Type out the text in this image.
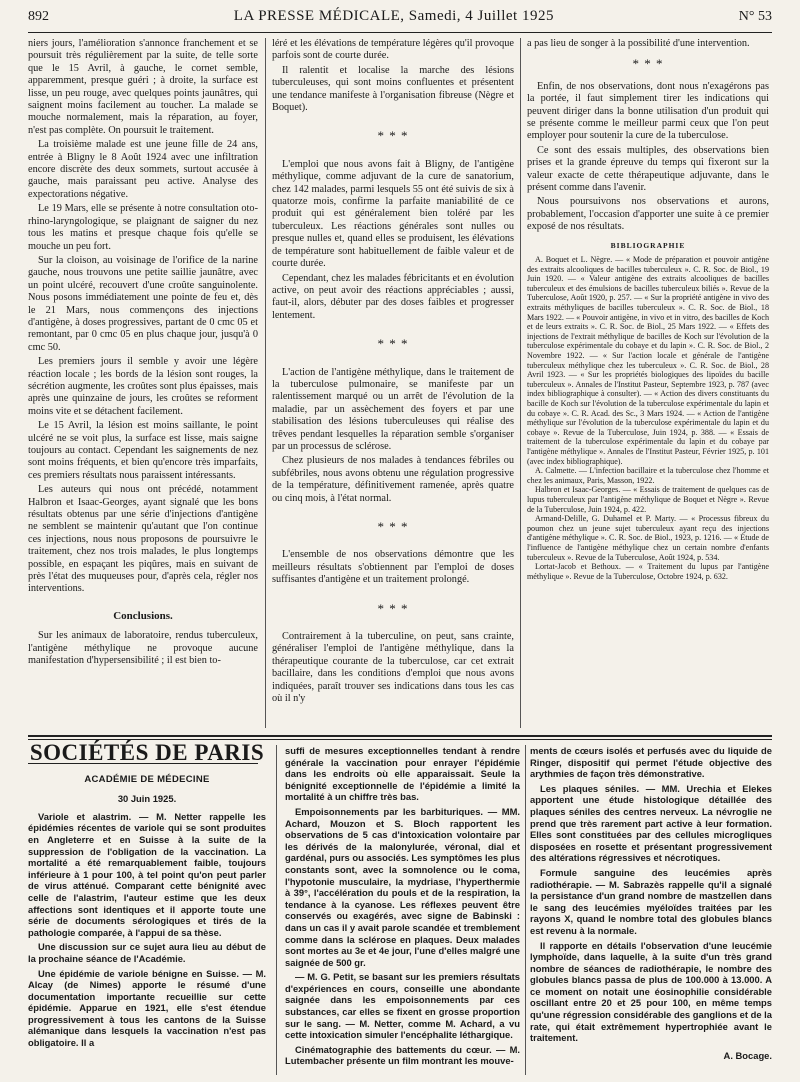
892	LA PRESSE MÉDICALE, Samedi, 4 Juillet 1925	N° 53

niers jours, l'amélioration s'annonce franchement et se poursuit très régulièrement par la suite, de telle sorte que le 15 Avril, à gauche, le cornet semble, apparemment, presque guéri ; à droite, la surface est lisse, un peu rouge, avec quelques points jaunâtres, qui saignent moins facilement au toucher. La malade se mouche normalement, mais la réparation, au foyer, n'est pas complète. On poursuit le traitement.

La troisième malade est une jeune fille de 24 ans, entrée à Bligny le 8 Août 1924 avec une infiltration encore discrète des deux sommets, surtout accusée à gauche, mais paraissant peu active. Analyse des expectorations négative.

Le 19 Mars, elle se présente à notre consultation oto-rhino-laryngologique, se plaignant de saigner du nez tous les matins et presque chaque fois qu'elle se mouche un peu fort.

Sur la cloison, au voisinage de l'orifice de la narine gauche, nous trouvons une petite saillie jaunâtre, avec un point ulcéré, recouvert d'une croûte sanguinolente. Nous posons immédiatement une pointe de feu et, dès le 21 Mars, nous commençons des injections d'antigène, à doses progressives, partant de 0 cmc 05 et remontant, par 0 cmc 05 en plus chaque jour, jusqu'à 0 cmc 50.

Les premiers jours il semble y avoir une légère réaction locale ; les bords de la lésion sont rouges, la sécrétion augmente, les croûtes sont plus épaisses, mais après une quinzaine de jours, les croûtes se reforment moins vite et se détachent facilement.

Le 15 Avril, la lésion est moins saillante, le point ulcéré ne se voit plus, la surface est lisse, mais saigne toujours au contact. Cependant les saignements de nez sont moins fréquents, et bien qu'encore très imparfaits, ces premiers résultats nous paraissent intéressants.

Les auteurs qui nous ont précédé, notamment Halbron et Isaac-Georges, ayant signalé que les bons résultats obtenus par une série d'injections d'antigène ne semblent se maintenir qu'autant que l'on continue ces injections, nous nous proposons de poursuivre le traitement, chez nos trois malades, le plus longtemps possible, en espaçant les piqûres, mais en suivant de près l'état des muqueuses pour, d'après cela, régler nos interventions.

Conclusions.

Sur les animaux de laboratoire, rendus tuberculeux, l'antigène méthylique ne provoque aucune manifestation d'hypersensibilité ; il est bien to-

léré et les élévations de température légères qu'il provoque parfois sont de courte durée.

Il ralentit et localise la marche des lésions tuberculeuses, qui sont moins confluentes et présentent une tendance manifeste à l'organisation fibreuse (Nègre et Boquet).

* * *

L'emploi que nous avons fait à Bligny, de l'antigène méthylique, comme adjuvant de la cure de sanatorium, chez 142 malades, parmi lesquels 55 ont été suivis de six à quatorze mois, confirme la parfaite maniabilité de ce produit qui est généralement bien toléré par les tuberculeux. Les réactions générales sont nulles ou presque nulles et, quand elles se produisent, les élévations de température sont habituellement de faible valeur et de courte durée.

Cependant, chez les malades fébricitants et en évolution active, on peut avoir des réactions appréciables ; aussi, faut-il, alors, débuter par des doses faibles et progresser lentement.

* * *

L'action de l'antigène méthylique, dans le traitement de la tuberculose pulmonaire, se manifeste par un ralentissement marqué ou un arrêt de l'évolution de la maladie, par un assèchement des foyers et par une stabilisation des lésions tuberculeuses qui réalise des trêves pendant lesquelles la réparation semble s'organiser par un processus de sclérose.

Chez plusieurs de nos malades à tendances fébriles ou subfébriles, nous avons obtenu une régulation progressive de la température, définitivement ramenée, après quatre ou cinq mois, à l'état normal.

* * *

L'ensemble de nos observations démontre que les meilleurs résultats s'obtiennent par l'emploi de doses suffisantes d'antigène et un traitement prolongé.

* * *

Contrairement à la tuberculine, on peut, sans crainte, généraliser l'emploi de l'antigène méthylique, dans la thérapeutique courante de la tuberculose, car cet extrait bacillaire, dans les conditions d'emploi que nous avons indiquées, paraît trouver ses indications dans tous les cas où il n'y

a pas lieu de songer à la possibilité d'une intervention.

* * *

Enfin, de nos observations, dont nous n'exagérons pas la portée, il faut simplement tirer les indications qui peuvent diriger dans la bonne utilisation d'un produit qui se présente comme le meilleur parmi ceux que l'on peut employer pour soutenir la cure de la tuberculose.

Ce sont des essais multiples, des observations bien prises et la grande épreuve du temps qui fixeront sur la valeur exacte de cette thérapeutique adjuvante, dans le présent comme dans l'avenir.

Nous poursuivons nos observations et aurons, probablement, l'occasion d'apporter une suite à ce premier exposé de nos résultats.

BIBLIOGRAPHIE

A. Boquet et L. Nègre. — « Mode de préparation et pouvoir antigène des extraits alcooliques de bacilles tuberculeux ». C. R. Soc. de Biol., 19 Juin 1920. — « Valeur antigène des extraits alcooliques de bacilles tuberculeux et des émulsions de bacilles tuberculeux biliés ». Revue de la Tuberculose, Août 1920, p. 257. — « Sur la propriété antigène in vivo des extraits méthyliques de bacilles tuberculeux ». C. R. Soc. de Biol., 18 Mars 1922. — « Pouvoir antigène, in vivo et in vitro, des bacilles de Koch et de leurs extraits ». C. R. Soc. de Biol., 25 Mars 1922. — « Effets des injections de l'extrait méthylique de bacilles de Koch sur l'évolution de la tuberculose expérimentale du cobaye et du lapin ». C. R. Soc. de Biol., 2 Novembre 1922. — « Sur l'action locale et générale de l'antigène tuberculeux méthylique chez les tuberculeux ». C. R. Soc. de Biol., 28 Avril 1923. — « Sur les propriétés biologiques des lipoïdes du bacille tuberculeux ». Annales de l'Institut Pasteur, Septembre 1923, p. 787 (avec index bibliographique à consulter). — « Action des divers constituants du bacille de Koch sur l'évolution de la tuberculose expérimentale du lapin et du cobaye ». C. R. Acad. des Sc., 3 Mars 1924. — « Action de l'antigène méthylique sur l'évolution de la tuberculose expérimentale du lapin et du cobaye ». Revue de la Tuberculose, Juin 1924, p. 388. — « Essais de traitement de la tuberculose expérimentale du lapin et du cobaye par l'antigène méthylique ». Annales de l'Institut Pasteur, Février 1925, p. 101 (avec index bibliographique).

A. Calmette. — L'infection bacillaire et la tuberculose chez l'homme et chez les animaux, Paris, Masson, 1922.

Halbron et Isaac-Georges. — « Essais de traitement de quelques cas de lupus tuberculeux par l'antigène méthylique de Boquet et Nègre ». Revue de la Tuberculose, Juin 1924, p. 422.

Armand-Delille, G. Duhamel et P. Marty. — « Processus fibreux du poumon chez un jeune sujet tuberculeux ayant reçu des injections d'antigène méthylique ». C. R. Soc. de Biol., 1923, p. 1216. — « Étude de l'influence de l'antigène méthylique chez un certain nombre d'enfants tuberculeux ». Revue de la Tuberculose, Août 1924, p. 534.

Lortat-Jacob et Bethoux. — « Traitement du lupus par l'antigène méthylique ». Revue de la Tuberculose, Octobre 1924, p. 632.

SOCIÉTÉS DE PARIS
ACADÉMIE DE MÉDECINE
30 Juin 1925.

Variole et alastrim. — M. Netter rappelle les épidémies récentes de variole qui se sont produites en Angleterre et en Suisse à la suite de la suppression de l'obligation de la vaccination. La mortalité a été remarquablement faible, toujours inférieure à 1 pour 100, à tel point qu'on peut parler de virus atténué. Comparant cette bénignité avec celle de l'alastrim, l'auteur estime que les deux affections sont identiques et il apporte toute une série de documents sérologiques et tirés de la pathologie comparée, à l'appui de sa thèse.

Une discussion sur ce sujet aura lieu au début de la prochaine séance de l'Académie.

Une épidémie de variole bénigne en Suisse. — M. Alcay (de Nimes) apporte le résumé d'une documentation importante recueillie sur cette épidémie. Apparue en 1921, elle s'est étendue progressivement à tous les cantons de la Suisse alémanique dans lesquels la vaccination n'est pas obligatoire. Il a

suffi de mesures exceptionnelles tendant à rendre générale la vaccination pour enrayer l'épidémie dans les endroits où elle apparaissait. Seule la bénignité exceptionnelle de l'épidémie a limité la mortalité à un chiffre très bas.

Empoisonnements par les barbituriques. — MM. Achard, Mouzon et S. Bloch rapportent les observations de 5 cas d'intoxication volontaire par les dérivés de la malonylurée, véronal, dial et gardénal, purs ou associés. Les symptômes les plus constants sont, avec la somnolence ou le coma, l'hypotonie musculaire, la mydriase, l'hyperthermie à 39°, l'accélération du pouls et de la respiration, la tendance à la cyanose. Les réflexes peuvent être conservés ou exagérés, avec signe de Babinski : dans un cas il y avait parole scandée et tremblement comme dans la sclérose en plaques. Deux malades sont mortes au 3e et 4e jour, l'une d'elles malgré une saignée de 500 gr.

— M. G. Petit, se basant sur les premiers résultats d'expériences en cours, conseille une abondante saignée dans les empoisonnements par ces substances, car elles se fixent en grosse proportion sur le sang. — M. Netter, comme M. Achard, a vu cette intoxication simuler l'encéphalite léthargique.

Cinématographie des battements du cœur. — M. Lutembacher présente un film montrant les mouve-

ments de cœurs isolés et perfusés avec du liquide de Ringer, dispositif qui permet l'étude objective des arythmies de façon très démonstrative.

Les plaques séniles. — MM. Urechia et Elekes apportent une étude histologique détaillée des plaques séniles des centres nerveux. La névroglie ne prend que très rarement part active à leur formation. Elles sont constituées par des cellules microgliques disposées en rosette et présentant progressivement des altérations régressives et nécrotiques.

Formule sanguine des leucémies après radiothérapie. — M. Sabrazès rappelle qu'il a signalé la persistance d'un grand nombre de mastzellen dans le sang des leucémies myéloïdes traitées par les rayons X, quand le nombre total des globules blancs est revenu à la normale.

Il rapporte en détails l'observation d'une leucémie lymphoïde, dans laquelle, à la suite d'un très grand nombre de séances de radiothérapie, le nombre des globules blancs passa de plus de 100.000 à 13.000. A ce moment on notait une éosinophilie considérable oscillant entre 20 et 25 pour 100, en même temps qu'une régression considérable des ganglions et de la rate, qui était extrêmement hypertrophiée avant le traitement.

A. Bocage.
